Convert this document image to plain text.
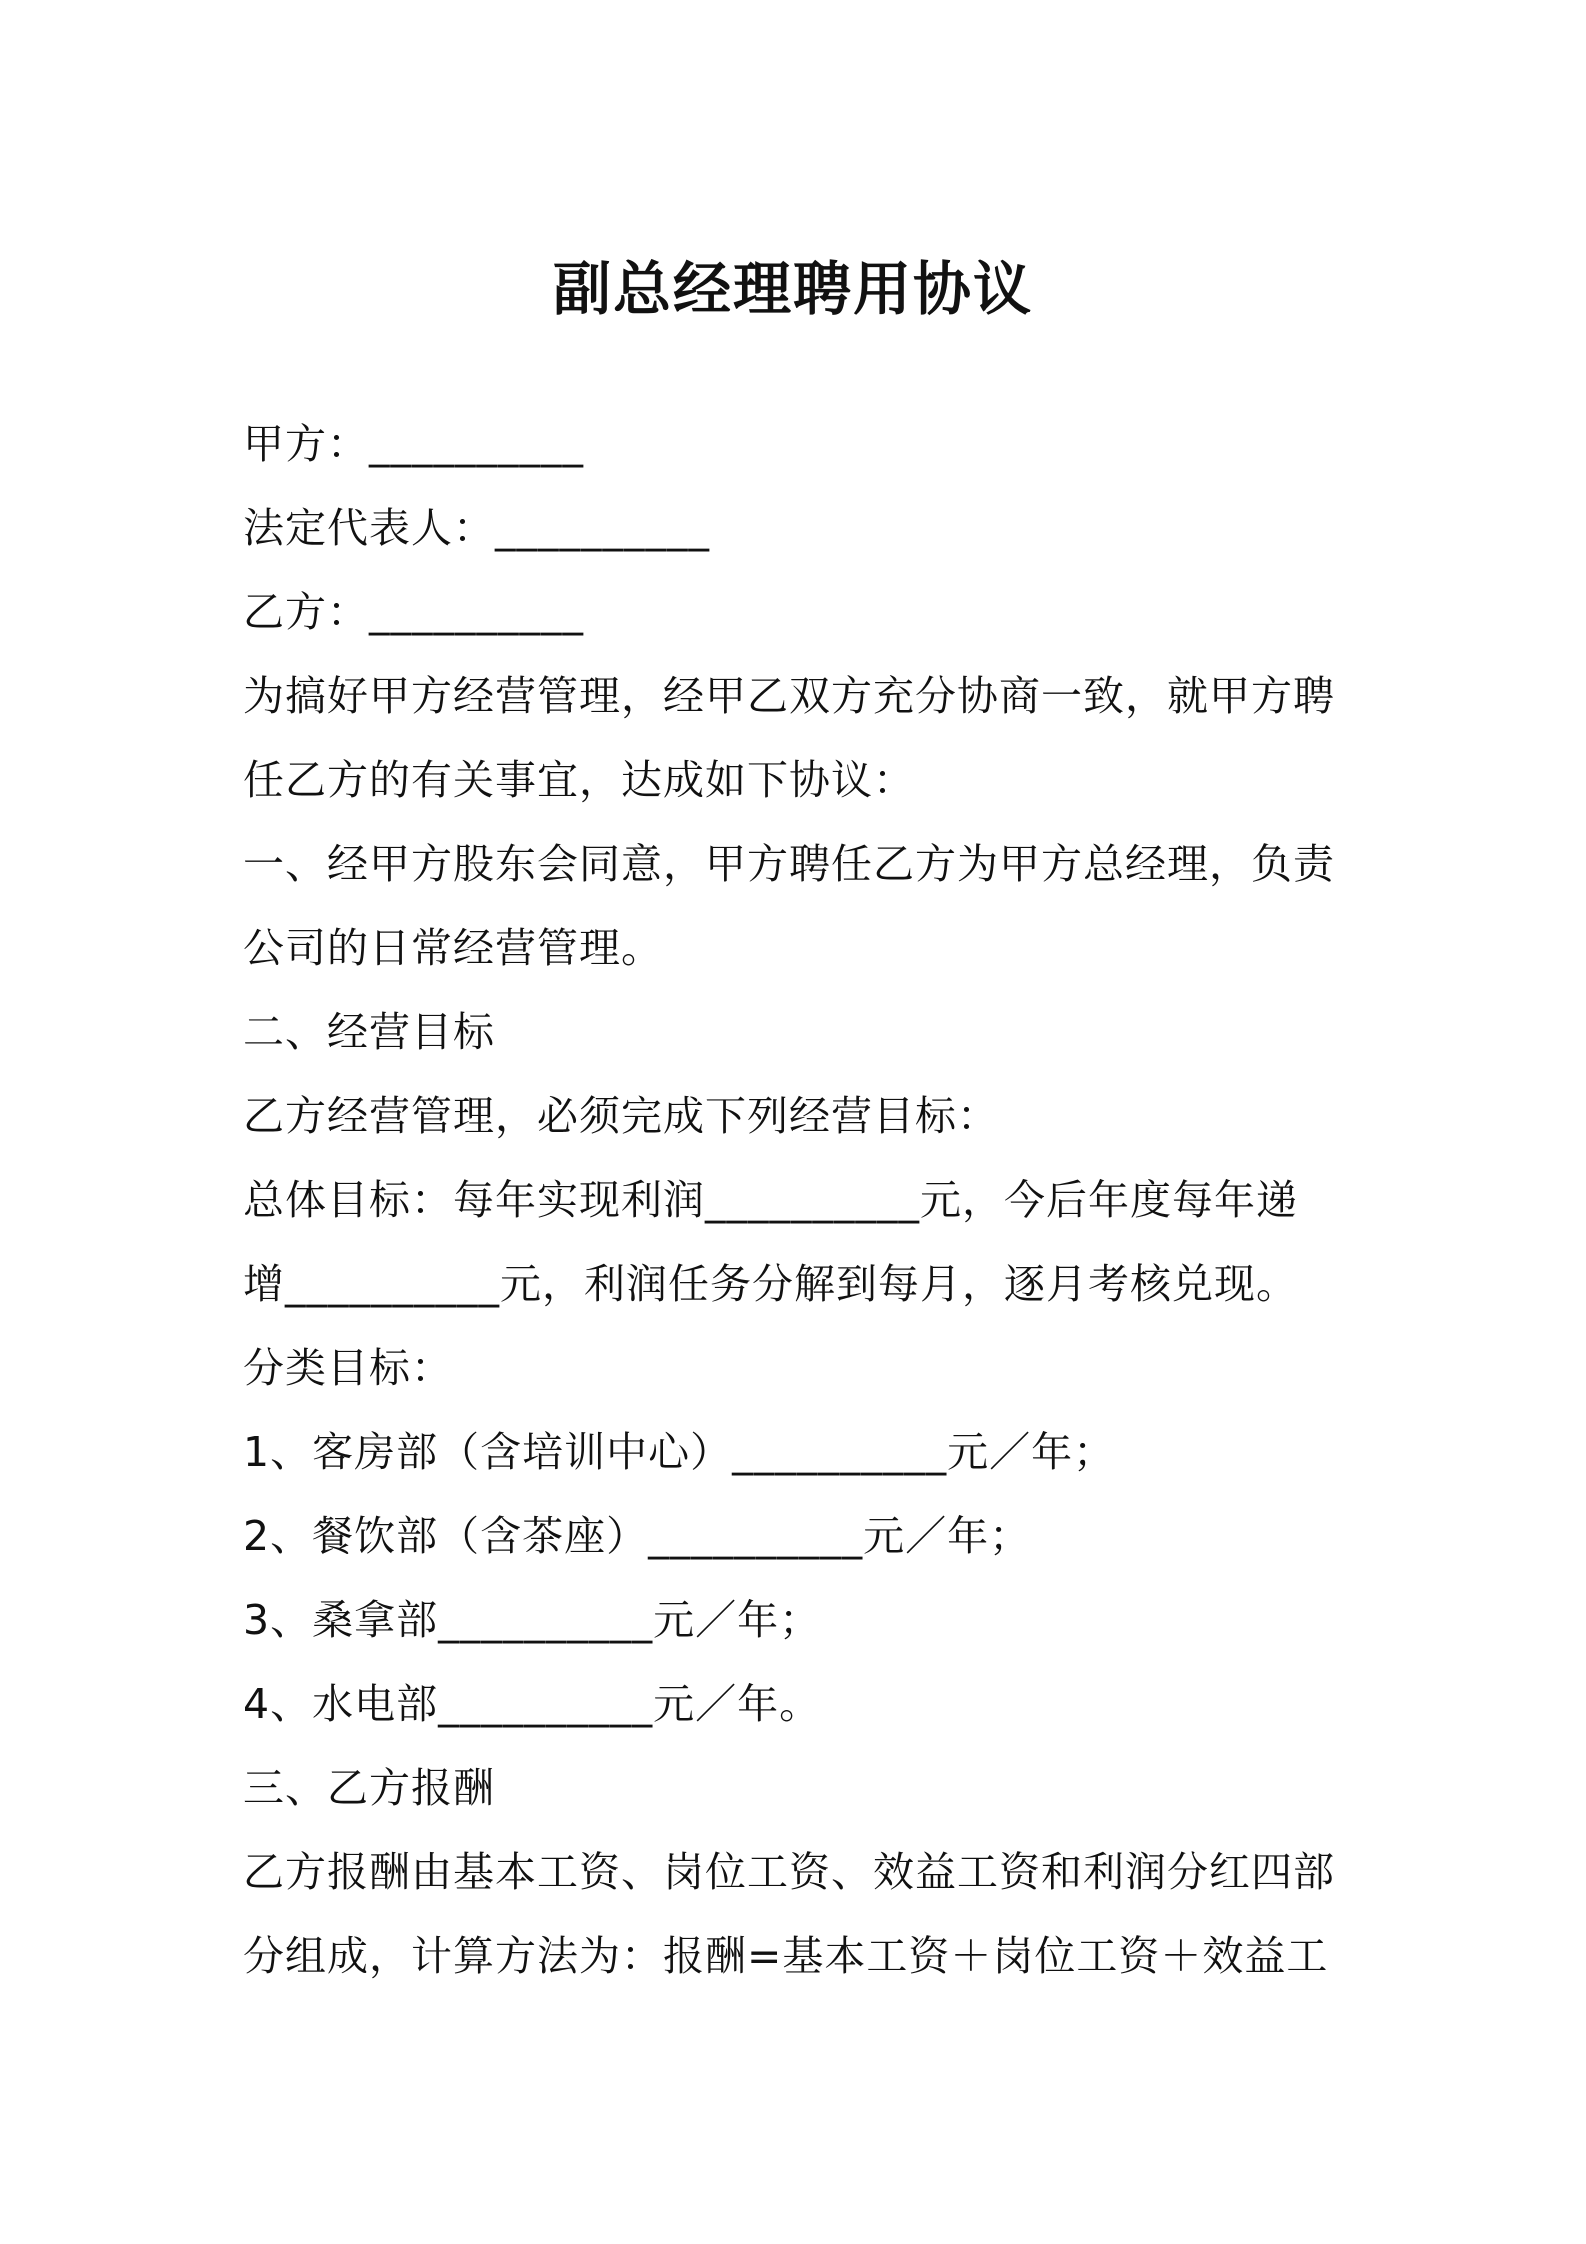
副总经理聘用协议
甲方：__________
法定代表人：__________
乙方：__________
为搞好甲方经营管理，经甲乙双方充分协商一致，就甲方聘
任乙方的有关事宜，达成如下协议：
一、经甲方股东会同意，甲方聘任乙方为甲方总经理，负责
公司的日常经营管理。
二、经营目标
乙方经营管理，必须完成下列经营目标：
总体目标：每年实现利润__________元，今后年度每年递
增__________元，利润任务分解到每月，逐月考核兑现。
分类目标：
1、客房部（含培训中心）__________元／年；
2、餐饮部（含茶座）__________元／年；
3、桑拿部__________元／年；
4、水电部__________元／年。
三、乙方报酬
乙方报酬由基本工资、岗位工资、效益工资和利润分红四部
分组成，计算方法为：报酬=基本工资＋岗位工资＋效益工
